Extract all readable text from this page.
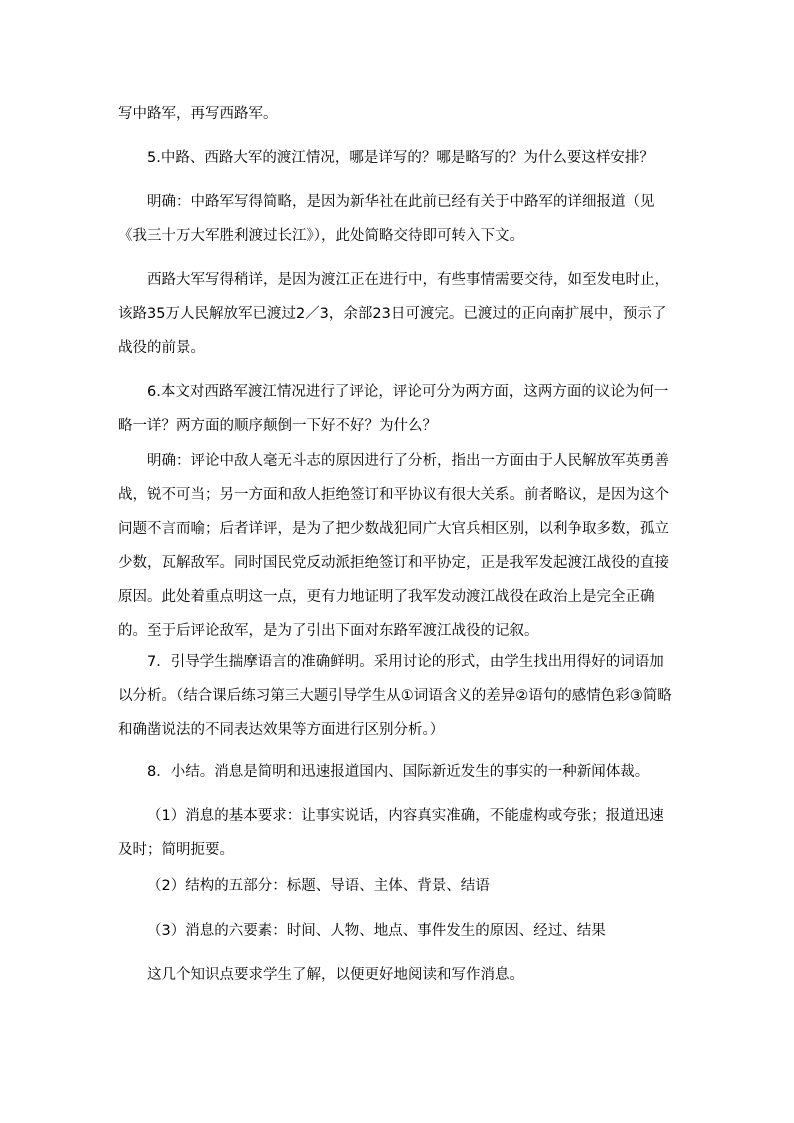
写中路军，再写西路军。

5.中路、西路大军的渡江情况，哪是详写的？哪是略写的？为什么要这样安排？

明确：中路军写得简略，是因为新华社在此前已经有关于中路军的详细报道（见《我三十万大军胜利渡过长江》），此处简略交待即可转入下文。

西路大军写得稍详，是因为渡江正在进行中，有些事情需要交待，如至发电时止，该路35万人民解放军已渡过2／3，余部23日可渡完。已渡过的正向南扩展中，预示了战役的前景。

6.本文对西路军渡江情况进行了评论，评论可分为两方面，这两方面的议论为何一略一详？两方面的顺序颠倒一下好不好？为什么？

明确：评论中敌人毫无斗志的原因进行了分析，指出一方面由于人民解放军英勇善战，锐不可当；另一方面和敌人拒绝签订和平协议有很大关系。前者略议，是因为这个问题不言而喻；后者详评，是为了把少数战犯同广大官兵相区别，以利争取多数，孤立少数，瓦解敌军。同时国民党反动派拒绝签订和平协定，正是我军发起渡江战役的直接原因。此处着重点明这一点，更有力地证明了我军发动渡江战役在政治上是完全正确的。至于后评论敌军，是为了引出下面对东路军渡江战役的记叙。

7．引导学生揣摩语言的准确鲜明。采用讨论的形式，由学生找出用得好的词语加以分析。（结合课后练习第三大题引导学生从①词语含义的差异②语句的感情色彩③简略和确凿说法的不同表达效果等方面进行区别分析。）

8．小结。消息是简明和迅速报道国内、国际新近发生的事实的一种新闻体裁。

（1）消息的基本要求：让事实说话，内容真实准确，不能虚构或夸张；报道迅速及时；简明扼要。

（2）结构的五部分：标题、导语、主体、背景、结语

（3）消息的六要素：时间、人物、地点、事件发生的原因、经过、结果

这几个知识点要求学生了解，以便更好地阅读和写作消息。
